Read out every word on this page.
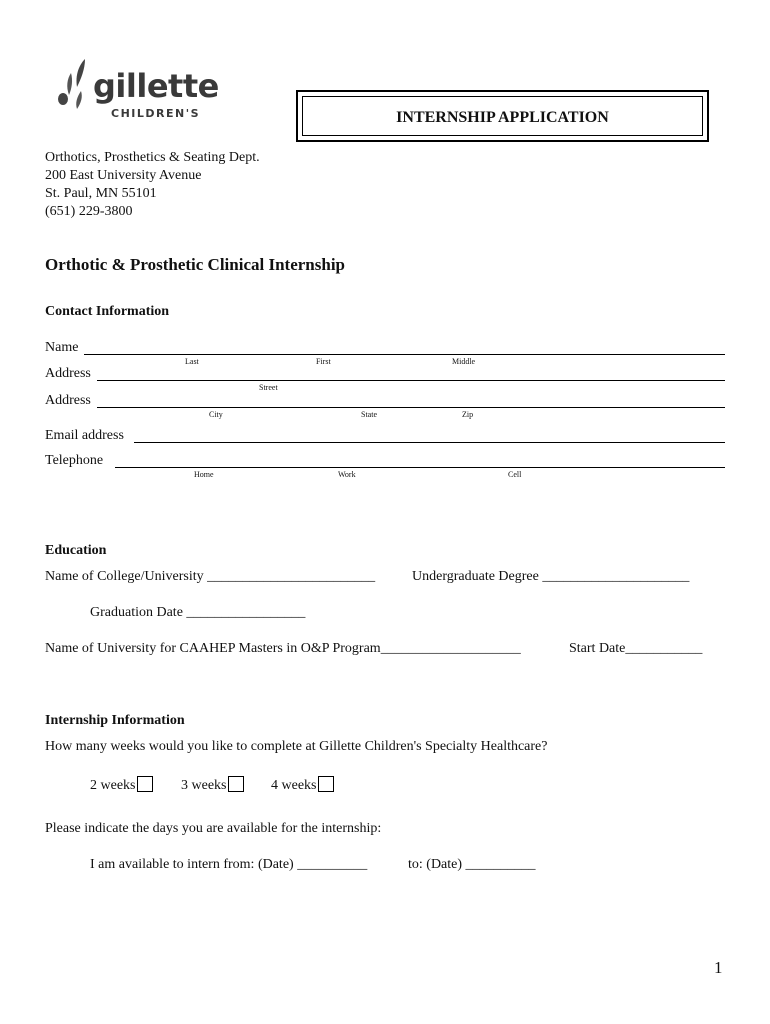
gillette
CHILDREN'S	INTERNSHIP APPLICATION
Orthotics, Prosthetics & Seating Dept.
200 East University Avenue
St. Paul, MN 55101
(651) 229-3800
Orthotic & Prosthetic Clinical Internship
Contact Information
Name
Last	First	Middle
Address
Street
Address
City	State	Zip
Email address
Telephone
Home	Work	Cell
Education
Name of College/University ________________________	Undergraduate Degree _____________________
Graduation Date _________________
Name of University for CAAHEP Masters in O&P Program____________________	Start Date___________
Internship Information
How many weeks would you like to complete at Gillette Children's Specialty Healthcare?
2 weeks	3 weeks	4 weeks
Please indicate the days you are available for the internship:
I am available to intern from: (Date) __________	to: (Date) __________
1
